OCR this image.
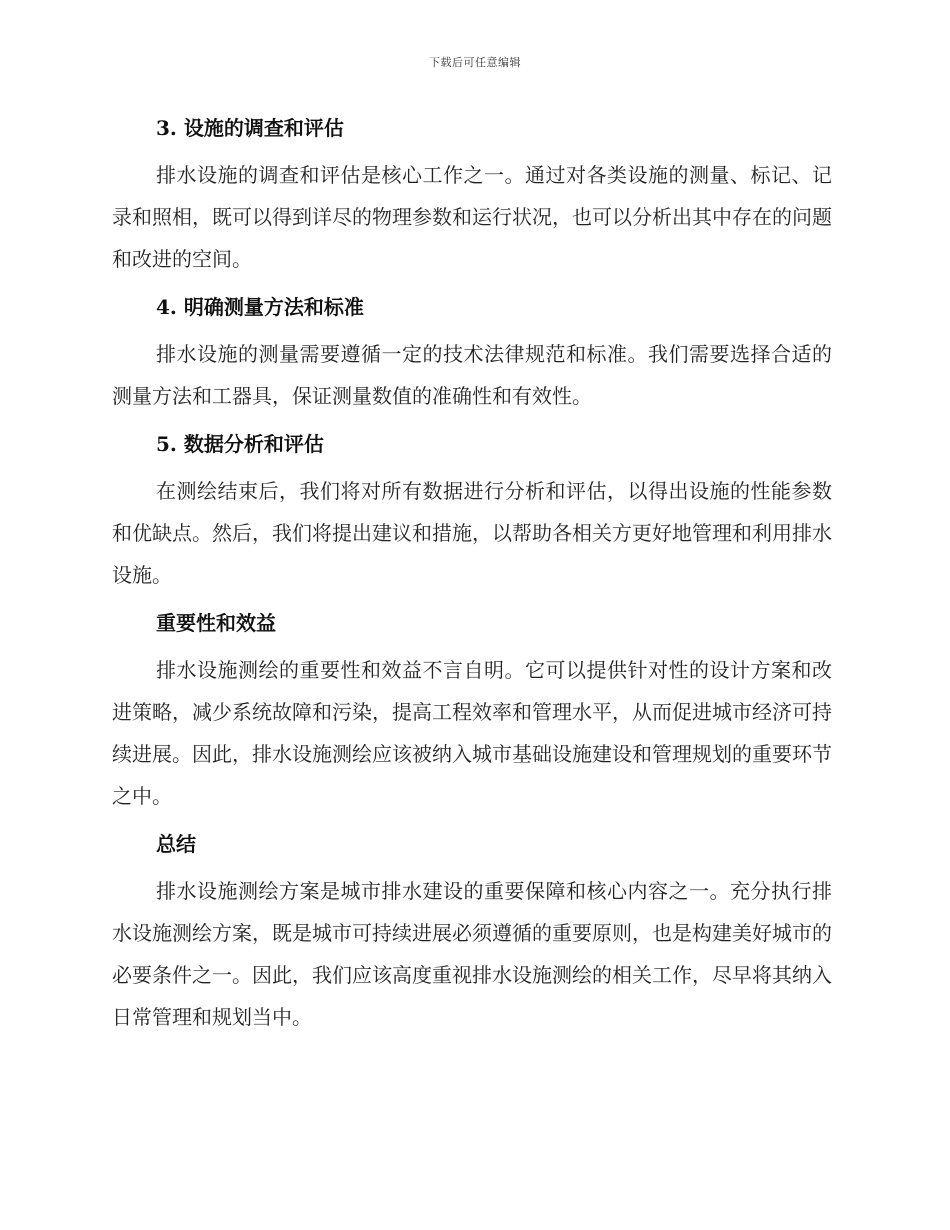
下载后可任意编辑
3. 设施的调查和评估

排水设施的调查和评估是核心工作之一。通过对各类设施的测量、标记、记录和照相，既可以得到详尽的物理参数和运行状况，也可以分析出其中存在的问题和改进的空间。

4. 明确测量方法和标准

排水设施的测量需要遵循一定的技术法律规范和标准。我们需要选择合适的测量方法和工器具，保证测量数值的准确性和有效性。

5. 数据分析和评估

在测绘结束后，我们将对所有数据进行分析和评估，以得出设施的性能参数和优缺点。然后，我们将提出建议和措施，以帮助各相关方更好地管理和利用排水设施。

重要性和效益

排水设施测绘的重要性和效益不言自明。它可以提供针对性的设计方案和改进策略，减少系统故障和污染，提高工程效率和管理水平，从而促进城市经济可持续进展。因此，排水设施测绘应该被纳入城市基础设施建设和管理规划的重要环节之中。

总结

排水设施测绘方案是城市排水建设的重要保障和核心内容之一。充分执行排水设施测绘方案，既是城市可持续进展必须遵循的重要原则，也是构建美好城市的必要条件之一。因此，我们应该高度重视排水设施测绘的相关工作，尽早将其纳入日常管理和规划当中。
